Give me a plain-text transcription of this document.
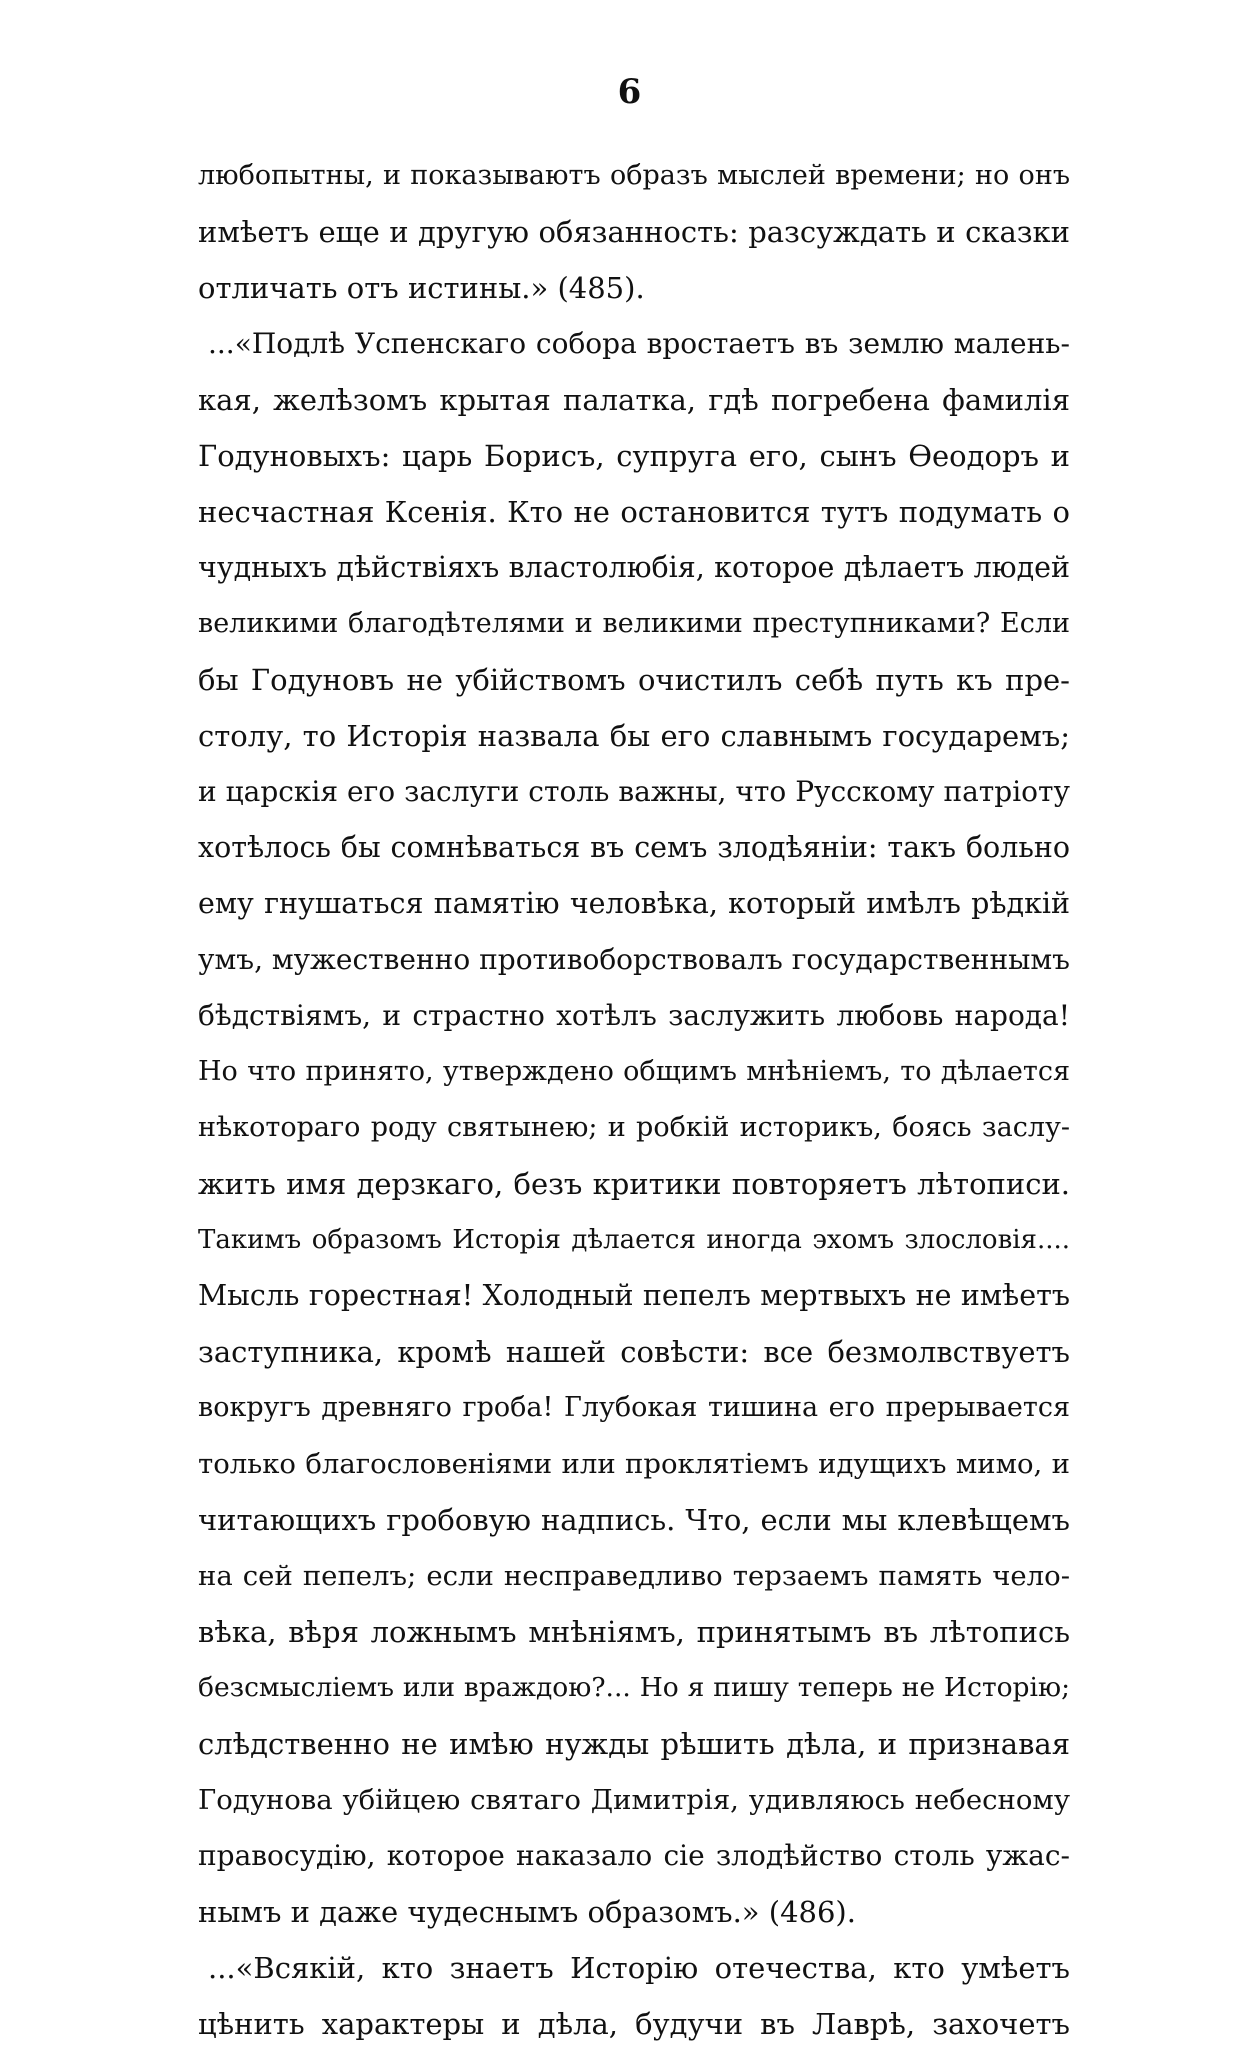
6
любопытны, и показываютъ образъ мыслей времени; но онъ
имѣетъ еще и другую обязанность: разсуждать и сказки
отличать отъ истины.» (485).
...«Подлѣ Успенскаго собора вростаетъ въ землю малень-
кая, желѣзомъ крытая палатка, гдѣ погребена фамилія
Годуновыхъ: царь Борисъ, супруга его, сынъ Ѳеодоръ и
несчастная Ксенія. Кто не остановится тутъ подумать о
чудныхъ дѣйствіяхъ властолюбія, которое дѣлаетъ людей
великими благодѣтелями и великими преступниками? Если
бы Годуновъ не убійствомъ очистилъ себѣ путь къ пре-
столу, то Исторія назвала бы его славнымъ государемъ;
и царскія его заслуги столь важны, что Русскому патріоту
хотѣлось бы сомнѣваться въ семъ злодѣяніи: такъ больно
ему гнушаться памятію человѣка, который имѣлъ рѣдкій
умъ, мужественно противоборствовалъ государственнымъ
бѣдствіямъ, и страстно хотѣлъ заслужить любовь народа!
Но что принято, утверждено общимъ мнѣніемъ, то дѣлается
нѣкотораго роду святынею; и робкій историкъ, боясь заслу-
жить имя дерзкаго, безъ критики повторяетъ лѣтописи.
Такимъ образомъ Исторія дѣлается иногда эхомъ злословія....
Мысль горестная! Холодный пепелъ мертвыхъ не имѣетъ
заступника, кромѣ нашей совѣсти: все безмолвствуетъ
вокругъ древняго гроба! Глубокая тишина его прерывается
только благословеніями или проклятіемъ идущихъ мимо, и
читающихъ гробовую надпись. Что, если мы клевѣщемъ
на сей пепелъ; если несправедливо терзаемъ память чело-
вѣка, вѣря ложнымъ мнѣніямъ, принятымъ въ лѣтопись
безсмысліемъ или враждою?... Но я пишу теперь не Исторію;
слѣдственно не имѣю нужды рѣшить дѣла, и признавая
Годунова убійцею святаго Димитрія, удивляюсь небесному
правосудію, которое наказало сіе злодѣйство столь ужас-
нымъ и даже чудеснымъ образомъ.» (486).
...«Всякій, кто знаетъ Исторію отечества, кто умѣетъ
цѣнить характеры и дѣла, будучи въ Лаврѣ, захочетъ
